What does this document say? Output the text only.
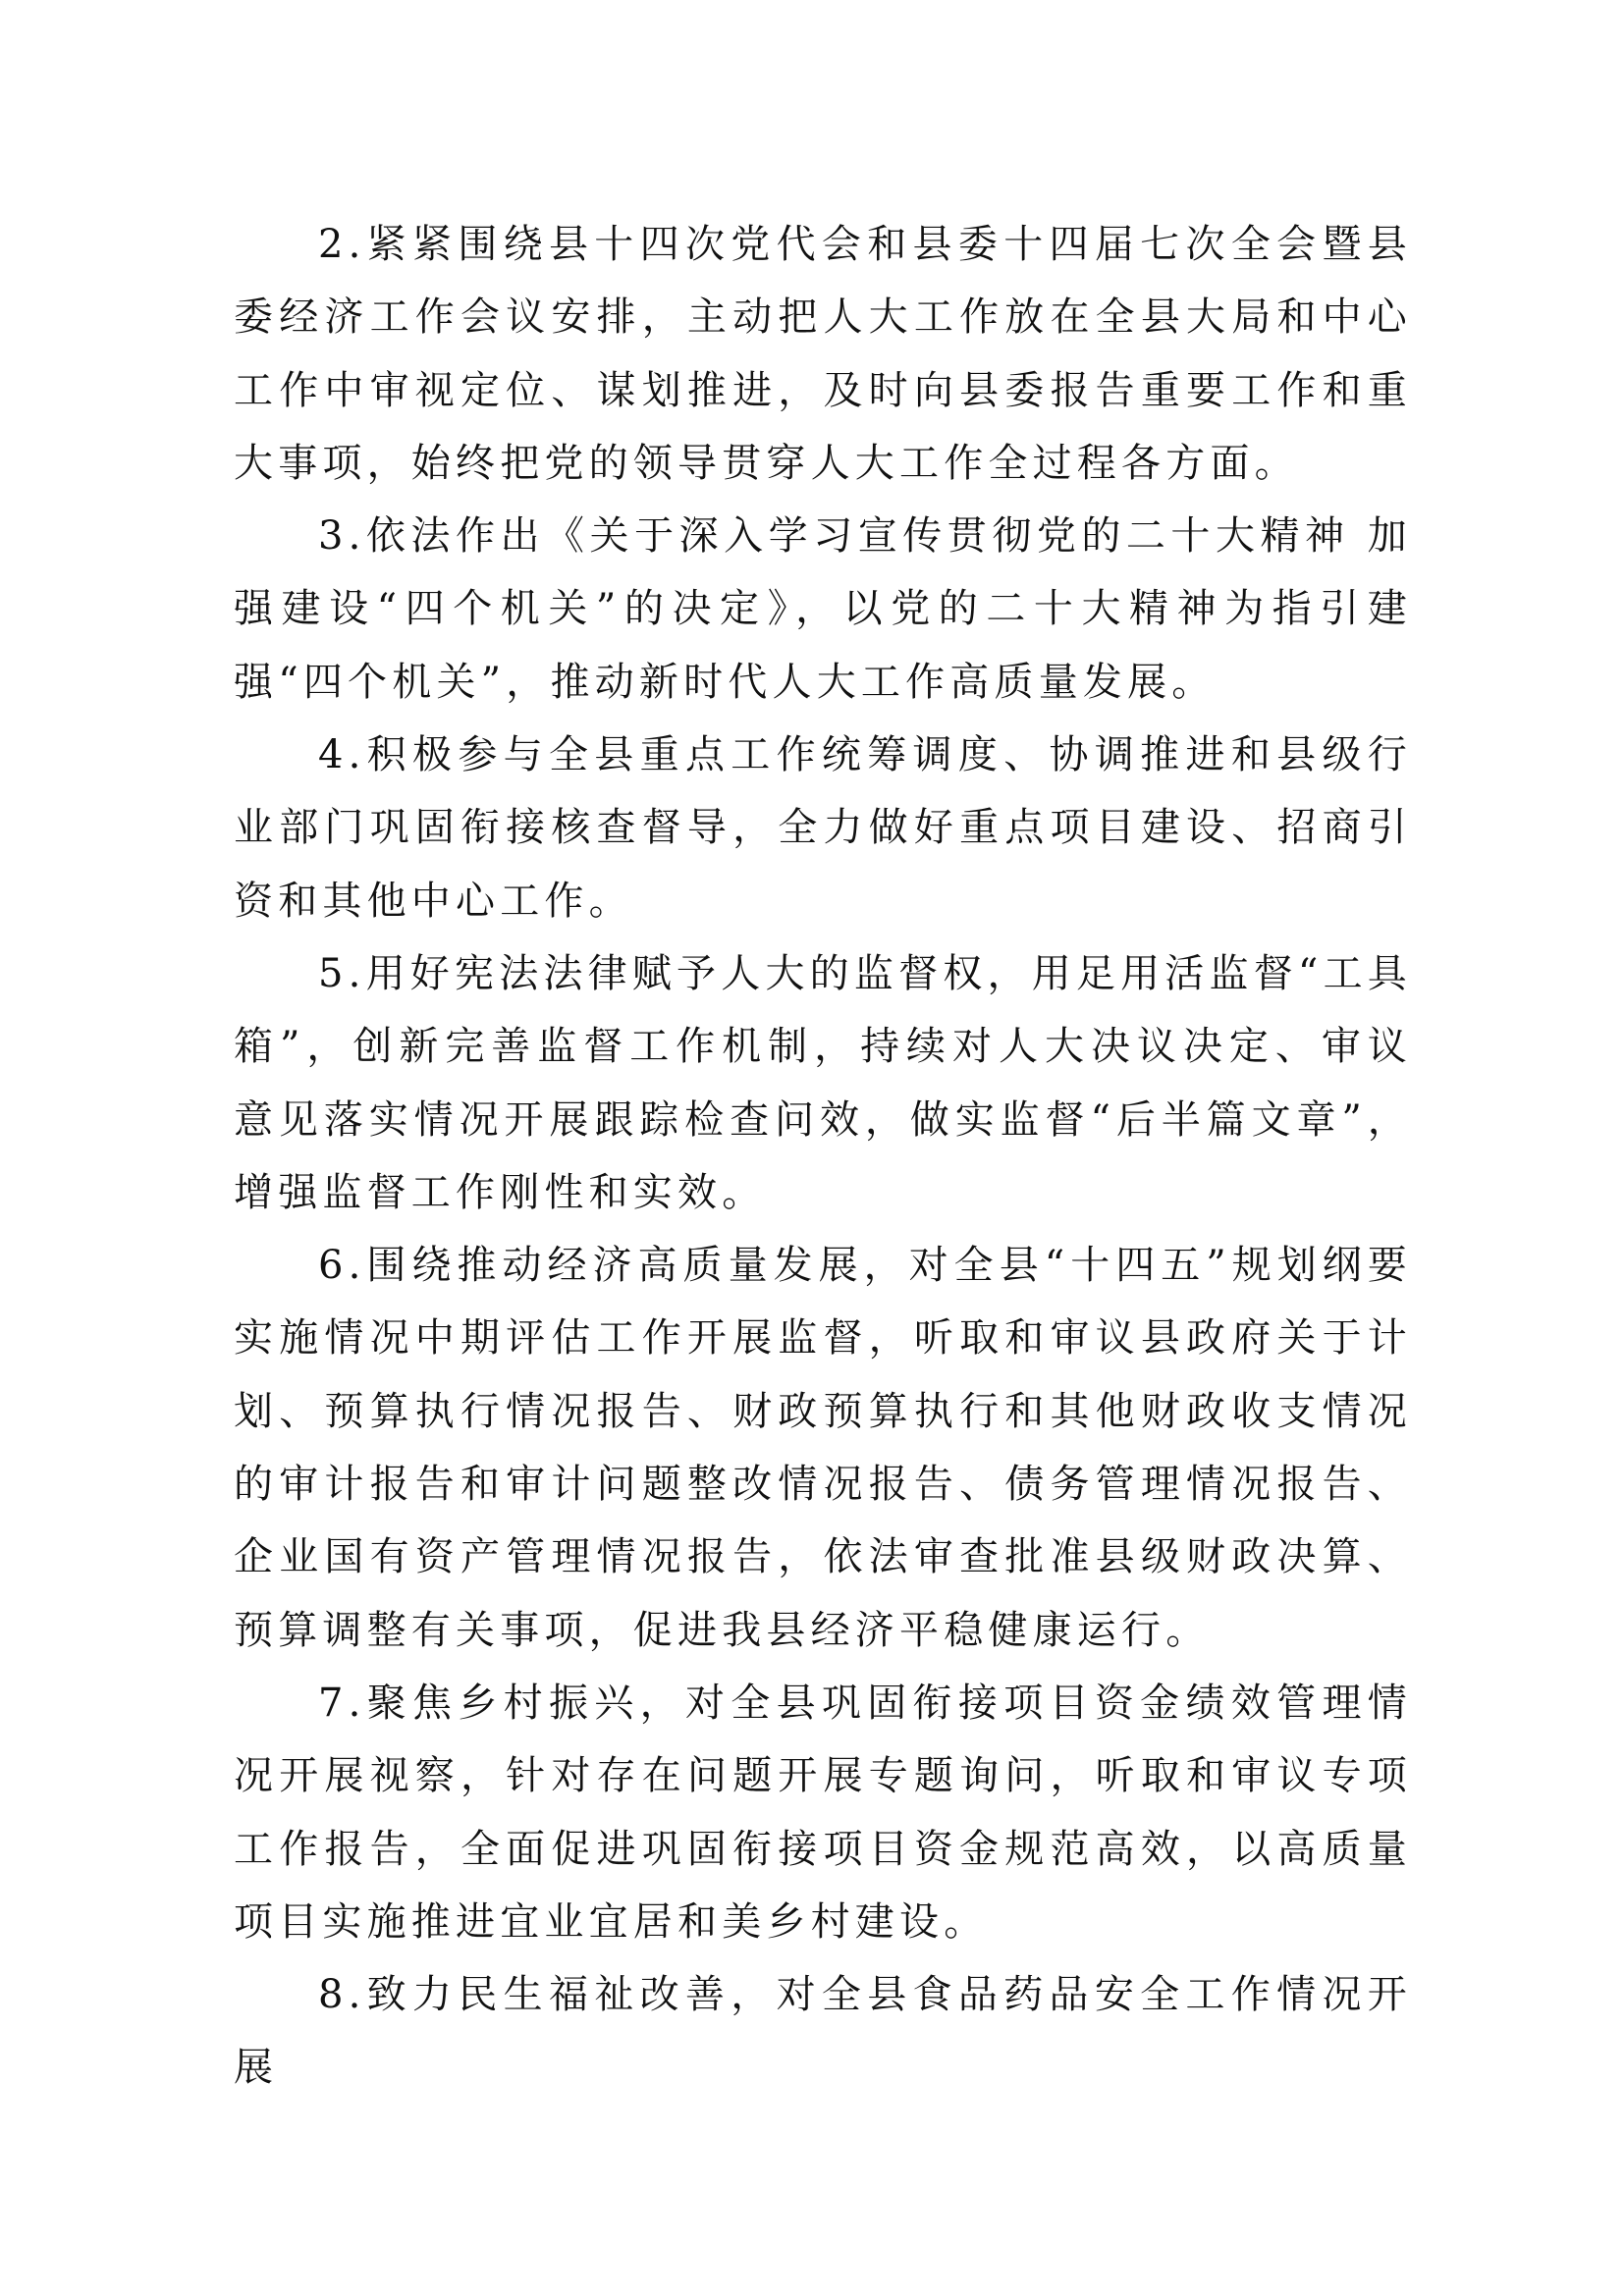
2.紧紧围绕县十四次党代会和县委十四届七次全会暨县委经济工作会议安排，主动把人大工作放在全县大局和中心工作中审视定位、谋划推进，及时向县委报告重要工作和重大事项，始终把党的领导贯穿人大工作全过程各方面。

3.依法作出《关于深入学习宣传贯彻党的二十大精神 加强建设“四个机关”的决定》，以党的二十大精神为指引建强“四个机关”，推动新时代人大工作高质量发展。

4.积极参与全县重点工作统筹调度、协调推进和县级行业部门巩固衔接核查督导，全力做好重点项目建设、招商引资和其他中心工作。

5.用好宪法法律赋予人大的监督权，用足用活监督“工具箱”，创新完善监督工作机制，持续对人大决议决定、审议意见落实情况开展跟踪检查问效，做实监督“后半篇文章”，增强监督工作刚性和实效。

6.围绕推动经济高质量发展，对全县“十四五”规划纲要实施情况中期评估工作开展监督，听取和审议县政府关于计划、预算执行情况报告、财政预算执行和其他财政收支情况的审计报告和审计问题整改情况报告、债务管理情况报告、企业国有资产管理情况报告，依法审查批准县级财政决算、预算调整有关事项，促进我县经济平稳健康运行。

7.聚焦乡村振兴，对全县巩固衔接项目资金绩效管理情况开展视察，针对存在问题开展专题询问，听取和审议专项工作报告，全面促进巩固衔接项目资金规范高效，以高质量项目实施推进宜业宜居和美乡村建设。

8.致力民生福祉改善，对全县食品药品安全工作情况开展
